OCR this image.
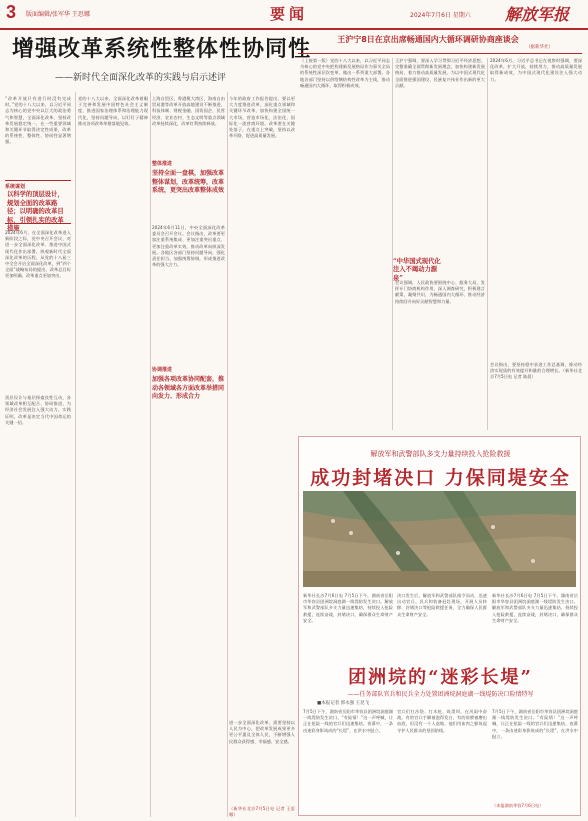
3 版面编辑/张军华 王思娜	要闻	2024年7月6日 星期六 解放军报
增强改革系统性整体性协同性
——新时代全面深化改革的实践与启示述评
“改革开放只有进行时没有完成时。”党的十八大以来，以习近平同志为核心的党中央以巨大的政治勇气和智慧，全面深化改革，坚持改革发展稳定统一，在一些重要领域和关键环节取得决定性成果，改革的系统性、整体性、协同性显著增强。
系统谋划
以科学的顶层设计，规划全面的改革路径；以明确的改革目标，引领扎实的改革措施
2024年6月，在全面深化改革进入新阶段之际，党中央召开会议，对进一步全面深化改革、推进中国式现代化作出部署。纵观新时代全面深化改革的历程，从党的十八届三中全会开启全面深化改革，到“四个全面”战略布局的提出，改革总目标更加明确，改革重点更加突出。
顶层设计与基层探索良性互动，各领域改革相互配合、协同推进，为经济社会发展注入强大动力。实践证明，改革是决定当代中国命运的关键一招。
党的十八大以来，全面深化改革着眼于完善和发展中国特色社会主义制度、推进国家治理体系和治理能力现代化，坚持问题导向，以钉钉子精神推动各项改革举措落地见效。
上海自贸区、粤港澳大湾区、海南自由贸易港等改革开放高地建设不断推进，科技体制、财税金融、国资国企、民营经济、农业农村、生态文明等重点领域改革持续深化，改革红利持续释放。
整体推进
坚持全面一盘棋，加强改革整体谋划，改革统筹，改革系统，更突出改革整体成效
2024年6月11日，中央全面深化改革委员会召开会议。会议指出，改革要更加注重系统集成、更加注重突出重点、更加注重改革实效，推动改革向纵深发展。各地区各部门坚持问题导向，强化责任担当，加强统筹协调，形成推进改革的强大合力。
协调推进
加强各项改革协同配套，推动各领域各方面改革举措同向发力、形成合力
今年的政府工作报告提出，要以更大力度推进改革，深化重点领域和关键环节改革，加快构建全国统一大市场，营造市场化、法治化、国际化一流营商环境。改革要在关键处落子，在重点上突破，坚持以改革开路，促进高质量发展。
进一步全面深化改革，需要坚持以人民为中心，把改革发展成果更多更公平惠及全体人民，不断增强人民群众获得感、幸福感、安全感。
（新华社北京7月5日电 记者 王思娜）
王沪宁8日在京出席畅通国内大循环调研协商座谈会
（据新华社）
（上接第一版）党的十八大以来，以习近平同志为核心的党中央把构建新发展格局作为事关全局的系统性深层次变革，做出一系列重大部署。各地各部门坚持以供给侧结构性改革为主线，推动畅通国内大循环，取得积极成效。
王沪宁强调，要深入学习贯彻习近平经济思想，完整准确全面贯彻新发展理念，加快构建新发展格局，着力推动高质量发展，为以中国式现代化全面推进强国建设、民族复兴伟业作出新的更大贡献。
“中华国式现代化注入不竭动力源泉”
会议强调，人民政协要围绕中心、服务大局，发挥专门协商机构作用，深入调查研究，积极建言献策，凝聚共识，为畅通国内大循环、推动经济持续回升向好贡献智慧和力量。
2024年6月，习近平总书记在视察时强调，要深化改革，扩大开放，持续用力，推动高质量发展取得新成效，为中国式现代化建设注入强大动力。
会议指出，要坚持稳中求进工作总基调，推动经济实现质的有效提升和量的合理增长。（新华社北京7月5日电 记者 陈晨）
解放军和武警部队多支力量持续投入抢险救援
成功封堵决口 力保同堤安全
新华社长沙7月6日电 7月5日下午，湖南省岳阳市华容县团洲垸洞庭湖一线堤防发生决口。解放军和武警部队多支力量迅速集结，持续投入抢险救援，连续奋战，封堵决口，确保群众生命财产安全。
决口发生后，解放军和武警部队闻令而动，迅速出动官兵、民兵和装备赶赴现场，开展人员转移、封堵决口等抢险救援任务，全力确保人民群众生命财产安全。
新华社长沙7月6日电 7月5日下午，湖南省岳阳市华容县团洲垸洞庭湖一线堤防发生决口。解放军和武警部队多支力量迅速集结，持续投入抢险救援，连续奋战，封堵决口，确保群众生命财产安全。
团洲垸的“迷彩长堤”
——任务部队官兵和民兵全力处置团洲垸洞庭湖一线堤防决口险情特写
■本报记者 郭永强 王昆飞
7月5日下午，湖南省岳阳市华容县团洲垸洞庭湖一线堤防发生决口。“有险情！”这一声呼喊，让正在抢险一线的官兵们迅速集结。夜幕中，一条由迷彩身影筑成的“长堤”，在洪水中挺立。
官兵们扛沙袋、打木桩、筑堤坝，在风雨中奋战。有的官兵手脚被泡得发白，有的肩膀被磨出血泡，但没有一个人退缩。他们用血肉之躯筑起守护人民群众的坚固防线。
7月5日下午，湖南省岳阳市华容县团洲垸洞庭湖一线堤防发生决口。“有险情！”这一声呼喊，让正在抢险一线的官兵们迅速集结。夜幕中，一条由迷彩身影筑成的“长堤”，在洪水中挺立。
（本报湖南华容7月6日电）
